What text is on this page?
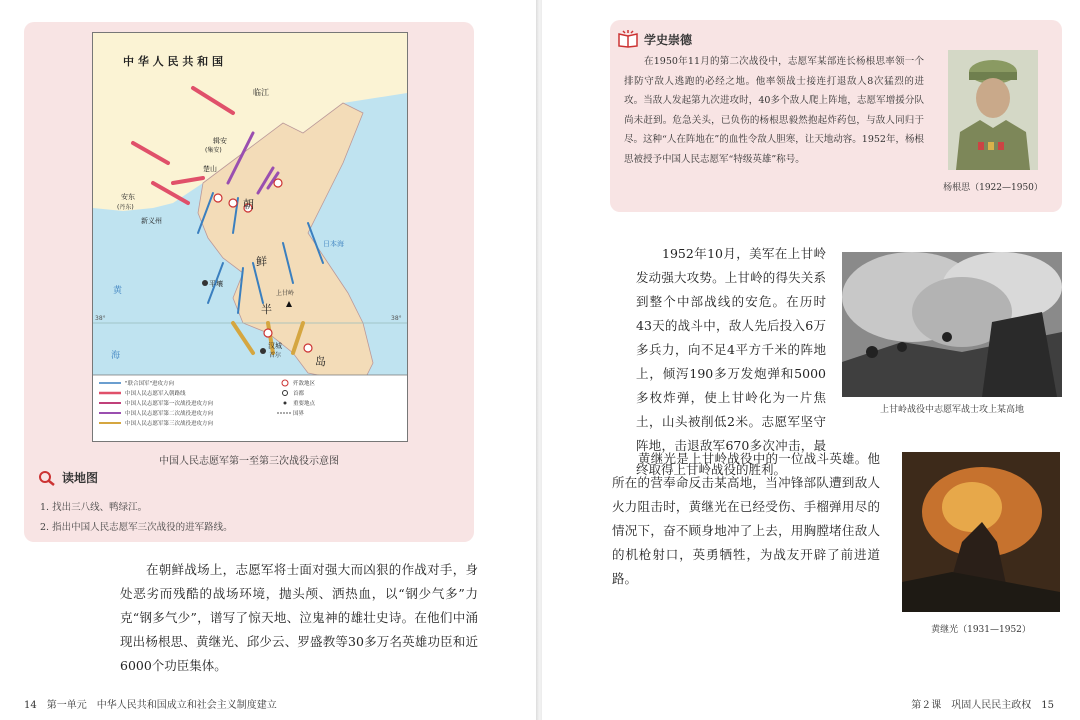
中 华 人 民 共 和 国
临江
辑安
(集安)
楚山
安东
(丹东)
新义州
平壤
上甘岭
汉城
首尔
朝
鲜
半
岛
黄
海
日本海
38°	38°
"联合国军"进攻方向
中国人民志愿军入朝路线
中国人民志愿军第一次战役进攻方向
中国人民志愿军第二次战役进攻方向
中国人民志愿军第三次战役进攻方向
歼敌地区
首都
重要地点
国界
中国人民志愿军第一至第三次战役示意图
读地图
1. 找出三八线、鸭绿江。
2. 指出中国人民志愿军三次战役的进军路线。
在朝鲜战场上，志愿军将士面对强大而凶狠的作战对手，身处恶劣而残酷的战场环境，抛头颅、洒热血，以“钢少气多”力克“钢多气少”，谱写了惊天地、泣鬼神的雄壮史诗。在他们中涌现出杨根思、黄继光、邱少云、罗盛教等30多万名英雄功臣和近6000个功臣集体。
14　第一单元　中华人民共和国成立和社会主义制度建立
学史崇德
在1950年11月的第二次战役中，志愿军某部连长杨根思率领一个排防守敌人逃跑的必经之地。他率领战士接连打退敌人8次猛烈的进攻。当敌人发起第九次进攻时，40多个敌人爬上阵地，志愿军增援分队尚未赶到。危急关头，已负伤的杨根思毅然抱起炸药包，与敌人同归于尽。这种“人在阵地在”的血性令敌人胆寒，让天地动容。1952年，杨根思被授予中国人民志愿军“特级英雄”称号。
杨根思（1922—1950）

1952年10月，美军在上甘岭发动强大攻势。上甘岭的得失关系到整个中部战线的安危。在历时43天的战斗中，敌人先后投入6万多兵力，向不足4平方千米的阵地上，倾泻190多万发炮弹和5000多枚炸弹，使上甘岭化为一片焦土，山头被削低2米。志愿军坚守阵地，击退敌军670多次冲击，最终取得上甘岭战役的胜利。

上甘岭战役中志愿军战士攻上某高地

黄继光是上甘岭战役中的一位战斗英雄。他所在的营奉命反击某高地，当冲锋部队遭到敌人火力阻击时，黄继光在已经受伤、手榴弹用尽的情况下，奋不顾身地冲了上去，用胸膛堵住敌人的机枪射口，英勇牺牲，为战友开辟了前进道路。

黄继光（1931—1952）
第２课　巩固人民民主政权　15
